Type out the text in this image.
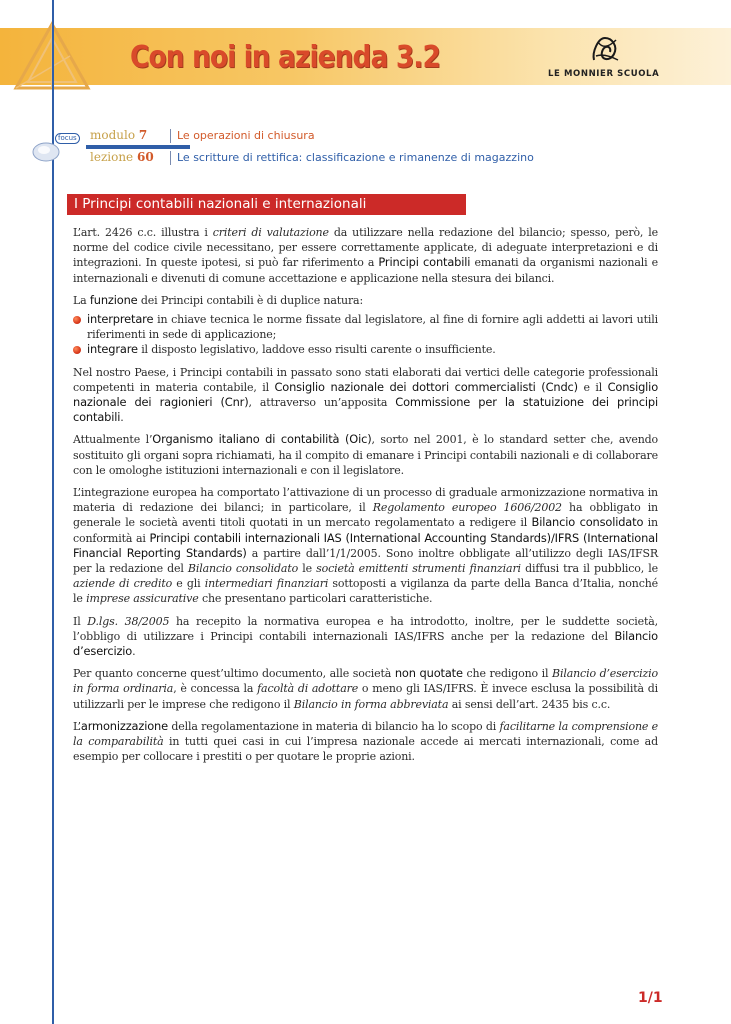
Con noi in azienda 3.2	LE MONNIER SCUOLA
focus modulo 7	Le operazioni di chiusura
lezione 60 Le scritture di rettifica: classificazione e rimanenze di magazzino
I Principi contabili nazionali e internazionali

L’art. 2426 c.c. illustra i criteri di valutazione da utilizzare nella redazione del bilancio; spesso, però, le norme del codice civile necessitano, per essere correttamente applicate, di adeguate interpretazioni e di integrazioni. In queste ipotesi, si può far riferimento a Principi contabili emanati da organismi nazionali e internazionali e divenuti di comune accettazione e applicazione nella stesura dei bilanci.

La funzione dei Principi contabili è di duplice natura:

interpretare in chiave tecnica le norme fissate dal legislatore, al fine di fornire agli addetti ai lavori utili riferimenti in sede di applicazione;
integrare il disposto legislativo, laddove esso risulti carente o insufficiente.

Nel nostro Paese, i Principi contabili in passato sono stati elaborati dai vertici delle categorie professionali competenti in materia contabile, il Consiglio nazionale dei dottori commercialisti (Cndc) e il Consiglio nazionale dei ragionieri (Cnr), attraverso un’apposita Commissione per la statuizione dei principi contabili.

Attualmente l’Organismo italiano di contabilità (Oic), sorto nel 2001, è lo standard setter che, avendo sostituito gli organi sopra richiamati, ha il compito di emanare i Principi contabili nazionali e di collaborare con le omologhe istituzioni internazionali e con il legislatore.

L’integrazione europea ha comportato l’attivazione di un processo di graduale armonizzazione normativa in materia di redazione dei bilanci; in particolare, il Regolamento europeo 1606/2002 ha obbligato in generale le società aventi titoli quotati in un mercato regolamentato a redigere il Bilancio consolidato in conformità ai Principi contabili internazionali IAS (International Accounting Standards)/IFRS (International Financial Reporting Standards) a partire dall’1/1/2005. Sono inoltre obbligate all’utilizzo degli IAS/IFSR per la redazione del Bilancio consolidato le società emittenti strumenti finanziari diffusi tra il pubblico, le aziende di credito e gli intermediari finanziari sottoposti a vigilanza da parte della Banca d’Italia, nonché le imprese assicurative che presentano particolari caratteristiche.

Il D.lgs. 38/2005 ha recepito la normativa europea e ha introdotto, inoltre, per le suddette società, l’obbligo di utilizzare i Principi contabili internazionali IAS/IFRS anche per la redazione del Bilancio d’esercizio.

Per quanto concerne quest’ultimo documento, alle società non quotate che redigono il Bilancio d’esercizio in forma ordinaria, è concessa la facoltà di adottare o meno gli IAS/IFRS. È invece esclusa la possibilità di utilizzarli per le imprese che redigono il Bilancio in forma abbreviata ai sensi dell’art. 2435 bis c.c.

L’armonizzazione della regolamentazione in materia di bilancio ha lo scopo di facilitarne la comprensione e la comparabilità in tutti quei casi in cui l’impresa nazionale accede ai mercati internazionali, come ad esempio per collocare i prestiti o per quotare le proprie azioni.

1/1
